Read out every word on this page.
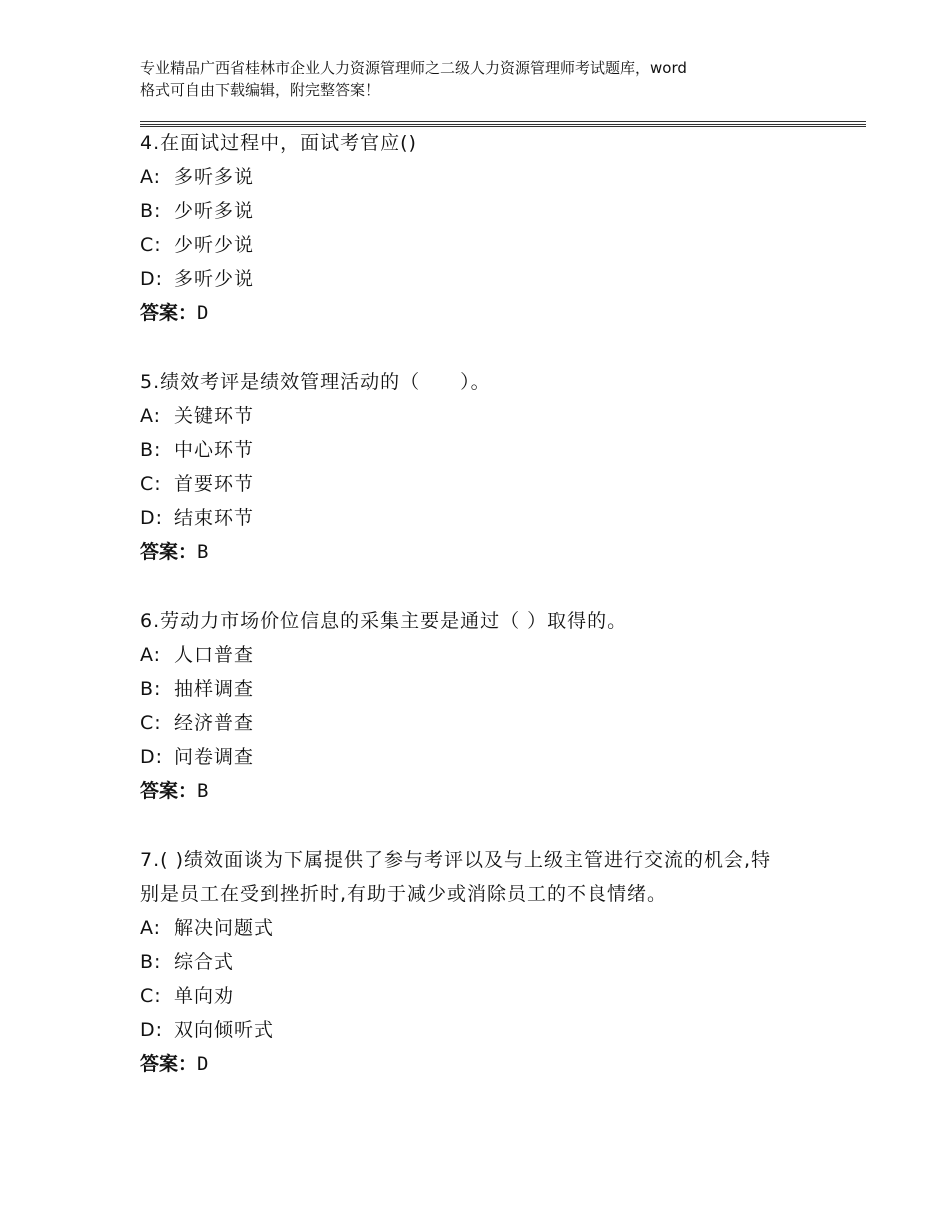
专业精品广西省桂林市企业人力资源管理师之二级人力资源管理师考试题库，word
格式可自由下载编辑，附完整答案！

4.在面试过程中，面试考官应()

A: 多听多说

B: 少听多说

C: 少听少说

D: 多听少说

答案：D

5.绩效考评是绩效管理活动的（　　）。

A: 关键环节

B: 中心环节

C: 首要环节

D: 结束环节

答案：B

6.劳动力市场价位信息的采集主要是通过（ ）取得的。

A: 人口普查

B: 抽样调查

C: 经济普查

D: 问卷调查

答案：B

7.( )绩效面谈为下属提供了参与考评以及与上级主管进行交流的机会,特别是员工在受到挫折时,有助于减少或消除员工的不良情绪。

A: 解决问题式

B: 综合式

C: 单向劝

D: 双向倾听式

答案：D
